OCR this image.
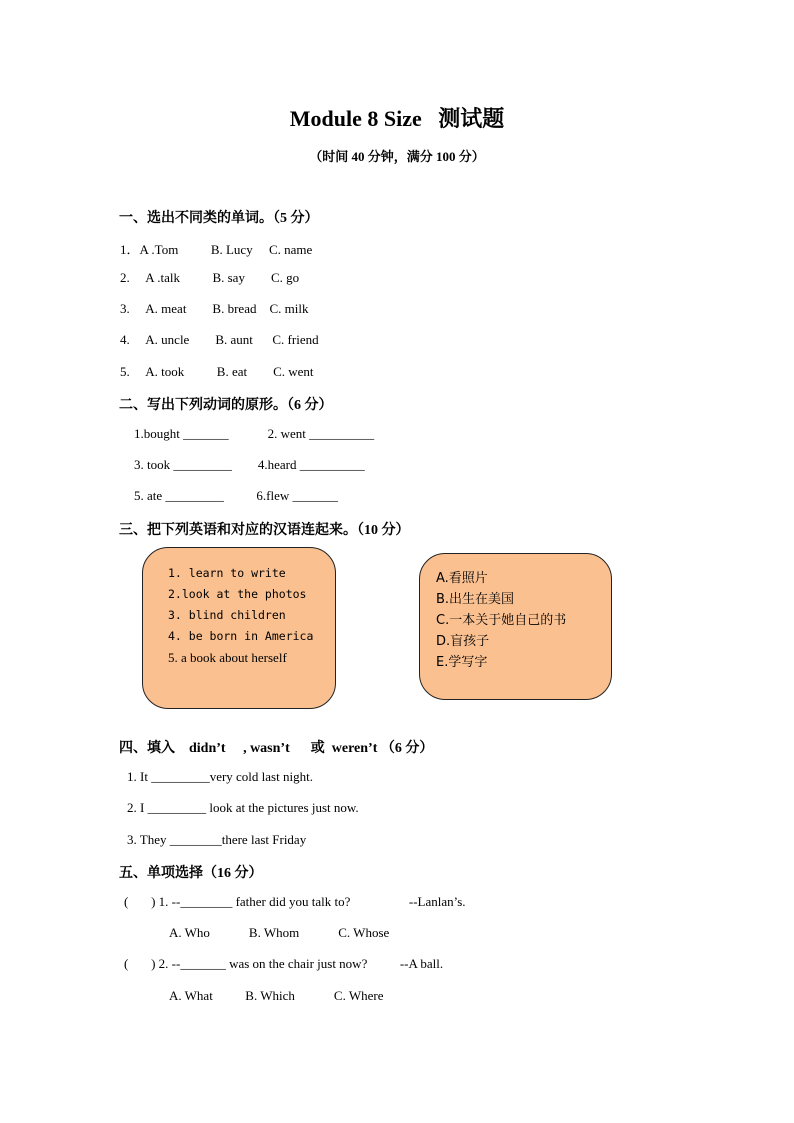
Module 8 Size   测试题
（时间 40 分钟，满分 100 分）
一、选出不同类的单词。（5 分）
1．A .Tom          B. Lucy     C. name
2.     A .talk          B. say        C. go
3.     A. meat        B. bread    C. milk
4.     A. uncle        B. aunt      C. friend
5.     A. took          B. eat        C. went
二、写出下列动词的原形。（6 分）
1.bought _______            2. went __________
3. took _________        4.heard __________
5. ate _________          6.flew _______
三、把下列英语和对应的汉语连起来。（10 分）
1. learn to write
2.look at the photos
3. blind children
4. be born in America
5. a book about herself
A.看照片
B.出生在美国
C.一本关于她自己的书
D.盲孩子
E.学写字
四、填入    didn’t     , wasn’t      或  weren’t （6 分）
1. It _________very cold last night.
2. I _________ look at the pictures just now.
3. They ________there last Friday
五、单项选择（16 分）
(       ) 1. --________ father did you talk to?                  --Lanlan’s.
A. Who            B. Whom            C. Whose
(       ) 2. --_______ was on the chair just now?          --A ball.
A. What          B. Which            C. Where
